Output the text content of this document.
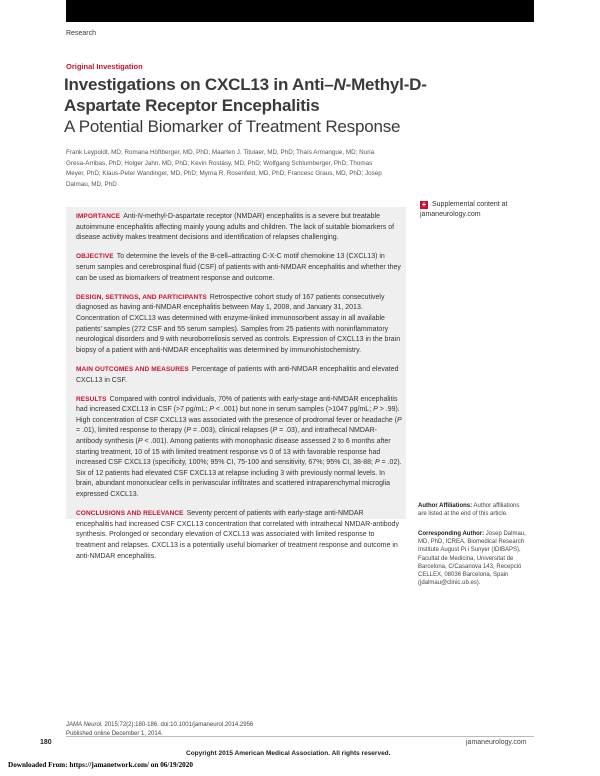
Research
Original Investigation
Investigations on CXCL13 in Anti–N-Methyl-D-Aspartate Receptor Encephalitis
A Potential Biomarker of Treatment Response
Frank Leypoldt, MD; Romana Höftberger, MD, PhD; Maarten J. Titulaer, MD, PhD; Thaís Armangue, MD; Nuria Gresa-Arribas, PhD; Holger Jahn, MD, PhD; Kevin Rostásy, MD, PhD; Wolfgang Schlumberger, PhD; Thomas Meyer, PhD; Klaus-Peter Wandinger, MD, PhD; Myrna R. Rosenfeld, MD, PhD; Francesc Graus, MD, PhD; Josep Dalmau, MD, PhD

IMPORTANCE Anti-N-methyl-D-aspartate receptor (NMDAR) encephalitis is a severe but treatable autoimmune encephalitis affecting mainly young adults and children. The lack of suitable biomarkers of disease activity makes treatment decisions and identification of relapses challenging.

OBJECTIVE To determine the levels of the B-cell–attracting C-X-C motif chemokine 13 (CXCL13) in serum samples and cerebrospinal fluid (CSF) of patients with anti-NMDAR encephalitis and whether they can be used as biomarkers of treatment response and outcome.

DESIGN, SETTINGS, AND PARTICIPANTS Retrospective cohort study of 167 patients consecutively diagnosed as having anti-NMDAR encephalitis between May 1, 2008, and January 31, 2013. Concentration of CXCL13 was determined with enzyme-linked immunosorbent assay in all available patients’ samples (272 CSF and 55 serum samples). Samples from 25 patients with noninflammatory neurological disorders and 9 with neuroborreliosis served as controls. Expression of CXCL13 in the brain biopsy of a patient with anti-NMDAR encephalitis was determined by immunohistochemistry.

MAIN OUTCOMES AND MEASURES Percentage of patients with anti-NMDAR encephalitis and elevated CXCL13 in CSF.

RESULTS Compared with control individuals, 70% of patients with early-stage anti-NMDAR encephalitis had increased CXCL13 in CSF (>7 pg/mL; P < .001) but none in serum samples (>1047 pg/mL; P > .99). High concentration of CSF CXCL13 was associated with the presence of prodromal fever or headache (P = .01), limited response to therapy (P = .003), clinical relapses (P = .03), and intrathecal NMDAR-antibody synthesis (P < .001). Among patients with monophasic disease assessed 2 to 6 months after starting treatment, 10 of 15 with limited treatment response vs 0 of 13 with favorable response had increased CSF CXCL13 (specificity, 100%; 95% CI, 75-100 and sensitivity, 67%; 95% CI, 38-88; P = .02). Six of 12 patients had elevated CSF CXCL13 at relapse including 3 with previously normal levels. In brain, abundant mononuclear cells in perivascular infiltrates and scattered intraparenchymal microglia expressed CXCL13.

CONCLUSIONS AND RELEVANCE Seventy percent of patients with early-stage anti-NMDAR encephalitis had increased CSF CXCL13 concentration that correlated with intrathecal NMDAR-antibody synthesis. Prolonged or secondary elevation of CXCL13 was associated with limited response to treatment and relapses. CXCL13 is a potentially useful biomarker of treatment response and outcome in anti-NMDAR encephalitis.

+ Supplemental content at jamaneurology.com
Author Affiliations: Author affiliations are listed at the end of this article.
Corresponding Author: Josep Dalmau, MD, PhD, ICREA, Biomedical Research Institute August Pi i Sunyer (IDIBAPS), Facultat de Medicina, Universitat de Barcelona, C/Casanova 143, Recepció CELLEX, 08036 Barcelona, Spain (jdalmau@clinic.ub.es).
JAMA Neurol. 2015;72(2):180-186. doi:10.1001/jamaneurol.2014.2956
Published online December 1, 2014.
180	jamaneurology.com
Copyright 2015 American Medical Association. All rights reserved.
Downloaded From: https://jamanetwork.com/ on 06/19/2020
